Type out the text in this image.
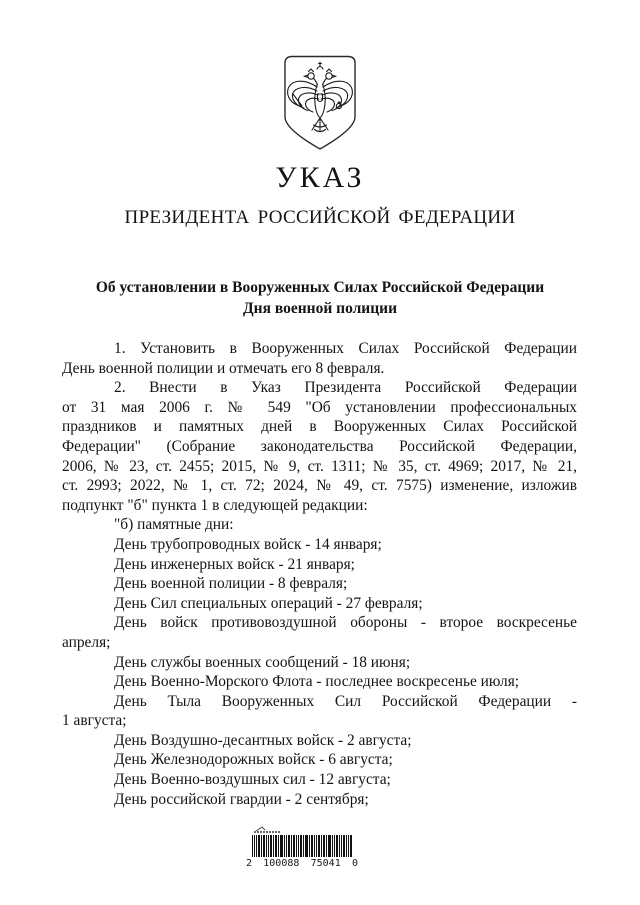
УКАЗ
ПРЕЗИДЕНТА РОССИЙСКОЙ ФЕДЕРАЦИИ
Об установлении в Вооруженных Силах Российской Федерации
Дня военной полиции
1. Установить в Вооруженных Силах Российской Федерации
День военной полиции и отмечать его 8 февраля.
2. Внести в Указ Президента Российской Федерации
от 31 мая 2006 г. № 549 "Об установлении профессиональных
праздников и памятных дней в Вооруженных Силах Российской
Федерации" (Собрание законодательства Российской Федерации,
2006, № 23, ст. 2455; 2015, № 9, ст. 1311; № 35, ст. 4969; 2017, № 21,
ст. 2993; 2022, № 1, ст. 72; 2024, № 49, ст. 7575) изменение, изложив
подпункт "б" пункта 1 в следующей редакции:
"б) памятные дни:
День трубопроводных войск - 14 января;
День инженерных войск - 21 января;
День военной полиции - 8 февраля;
День Сил специальных операций - 27 февраля;
День войск противовоздушной обороны - второе воскресенье
апреля;
День службы военных сообщений - 18 июня;
День Военно-Морского Флота - последнее воскресенье июля;
День Тыла Вооруженных Сил Российской Федерации -
1 августа;
День Воздушно-десантных войск - 2 августа;
День Железнодорожных войск - 6 августа;
День Военно-воздушных сил - 12 августа;
День российской гвардии - 2 сентября;
2 100088 75041 0
